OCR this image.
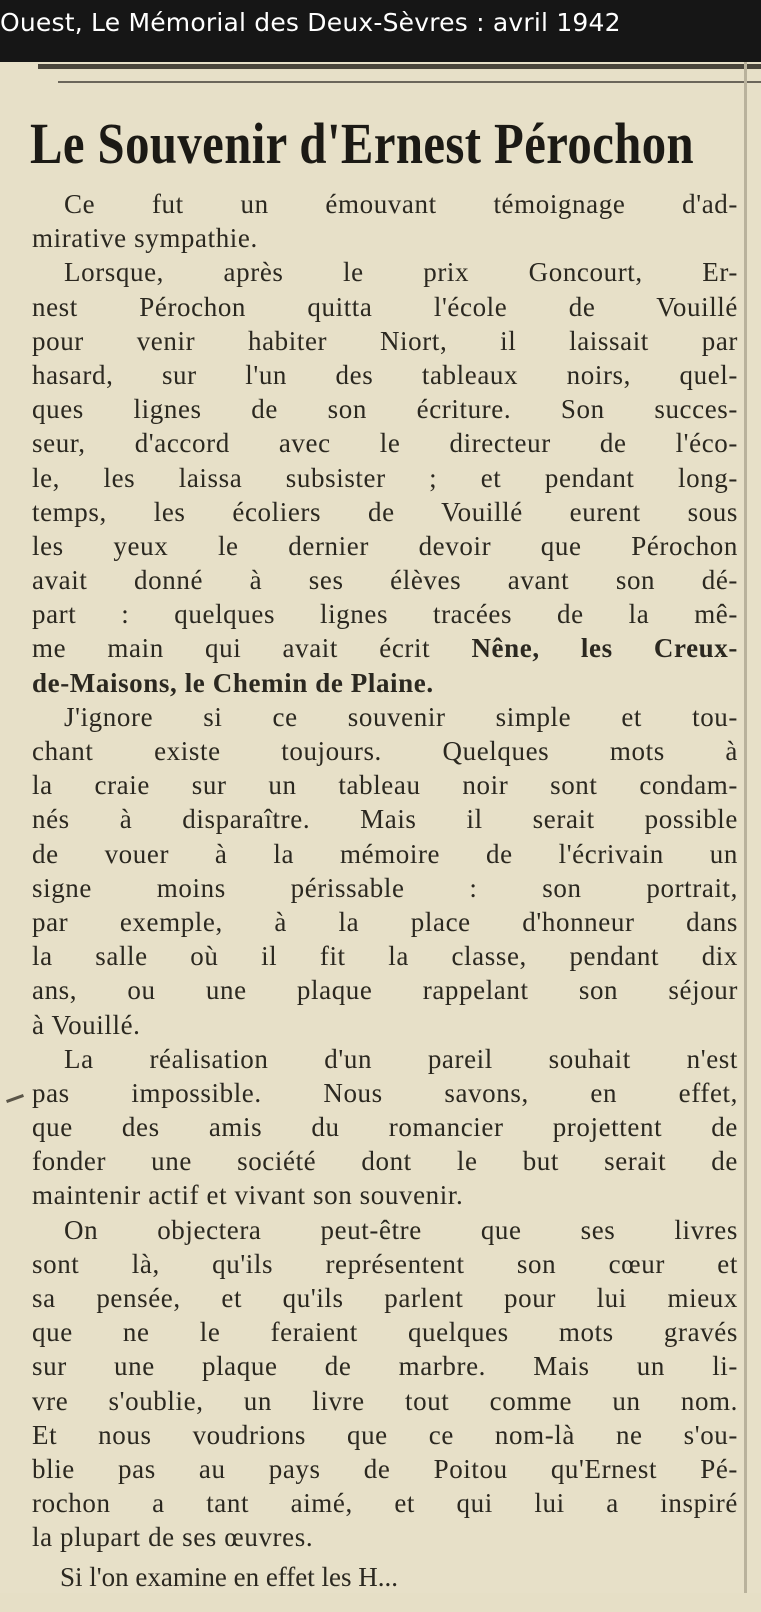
Ouest, Le Mémorial des Deux-Sèvres : avril 1942
Le Souvenir d'Ernest Pérochon
Ce fut un émouvant témoignage d'ad-
mirative sympathie.
Lorsque, après le prix Goncourt, Er-
nest Pérochon quitta l'école de Vouillé
pour venir habiter Niort, il laissait par
hasard, sur l'un des tableaux noirs, quel-
ques lignes de son écriture. Son succes-
seur, d'accord avec le directeur de l'éco-
le, les laissa subsister ; et pendant long-
temps, les écoliers de Vouillé eurent sous
les yeux le dernier devoir que Pérochon
avait donné à ses élèves avant son dé-
part : quelques lignes tracées de la mê-
me main qui avait écrit Nêne, les Creux-
de-Maisons, le Chemin de Plaine.
J'ignore si ce souvenir simple et tou-
chant existe toujours. Quelques mots à
la craie sur un tableau noir sont condam-
nés à disparaître. Mais il serait possible
de vouer à la mémoire de l'écrivain un
signe moins périssable : son portrait,
par exemple, à la place d'honneur dans
la salle où il fit la classe, pendant dix
ans, ou une plaque rappelant son séjour
à Vouillé.
La réalisation d'un pareil souhait n'est
pas impossible. Nous savons, en effet,
que des amis du romancier projettent de
fonder une société dont le but serait de
maintenir actif et vivant son souvenir.
On objectera peut-être que ses livres
sont là, qu'ils représentent son cœur et
sa pensée, et qu'ils parlent pour lui mieux
que ne le feraient quelques mots gravés
sur une plaque de marbre. Mais un li-
vre s'oubliе, un livre tout comme un nom.
Et nous voudrions que ce nom-là ne s'ou-
blie pas au pays de Poitou qu'Ernest Pé-
rochon a tant aimé, et qui lui a inspiré
la plupart de ses œuvres.
Si l'on examine en effet les H...
